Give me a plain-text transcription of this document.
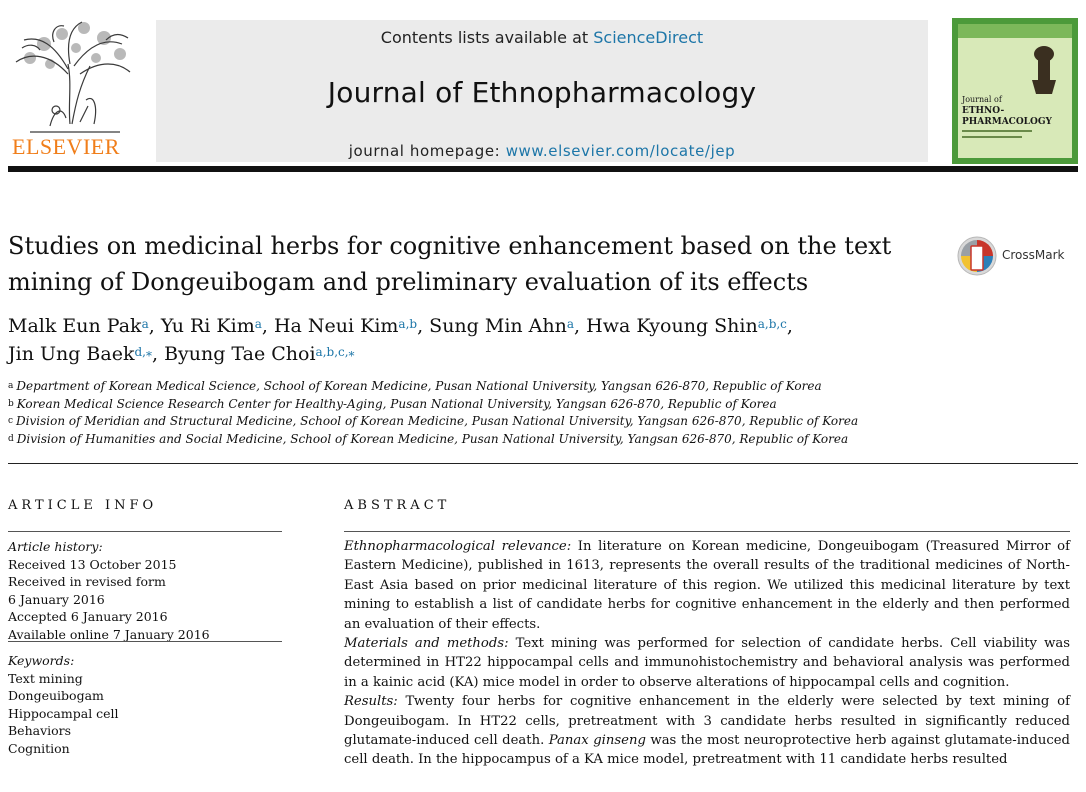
ELSEVIER
Contents lists available at ScienceDirect
Journal of Ethnopharmacology
journal homepage: www.elsevier.com/locate/jep
Journal of
ETHNO-
PHARMACOLOGY
Studies on medicinal herbs for cognitive enhancement based on the text mining of Dongeuibogam and preliminary evaluation of its effects
CrossMark
Malk Eun Pak$^a$, Yu Ri Kim$^a$, Ha Neui Kim$^{a,b}$, Sung Min Ahn$^a$, Hwa Kyoung Shin$^{a,b,c}$,
Jin Ung Baek$^{d,⁎}$, Byung Tae Choi$^{a,b,c,⁎}$
$^a$ Department of Korean Medical Science, School of Korean Medicine, Pusan National University, Yangsan 626-870, Republic of Korea
$^b$ Korean Medical Science Research Center for Healthy-Aging, Pusan National University, Yangsan 626-870, Republic of Korea
$^c$ Division of Meridian and Structural Medicine, School of Korean Medicine, Pusan National University, Yangsan 626-870, Republic of Korea
$^d$ Division of Humanities and Social Medicine, School of Korean Medicine, Pusan National University, Yangsan 626-870, Republic of Korea
ARTICLE INFO
Article history:
Received 13 October 2015
Received in revised form
6 January 2016
Accepted 6 January 2016
Available online 7 January 2016
Keywords:
Text mining
Dongeuibogam
Hippocampal cell
Behaviors
Cognition
ABSTRACT

Ethnopharmacological relevance: In literature on Korean medicine, Dongeuibogam (Treasured Mirror of Eastern Medicine), published in 1613, represents the overall results of the traditional medicines of North-East Asia based on prior medicinal literature of this region. We utilized this medicinal literature by text mining to establish a list of candidate herbs for cognitive enhancement in the elderly and then performed an evaluation of their effects.

Materials and methods: Text mining was performed for selection of candidate herbs. Cell viability was determined in HT22 hippocampal cells and immunohistochemistry and behavioral analysis was performed in a kainic acid (KA) mice model in order to observe alterations of hippocampal cells and cognition.

Results: Twenty four herbs for cognitive enhancement in the elderly were selected by text mining of Dongeuibogam. In HT22 cells, pretreatment with 3 candidate herbs resulted in significantly reduced glutamate-induced cell death. Panax ginseng was the most neuroprotective herb against glutamate-induced cell death. In the hippocampus of a KA mice model, pretreatment with 11 candidate herbs resulted
